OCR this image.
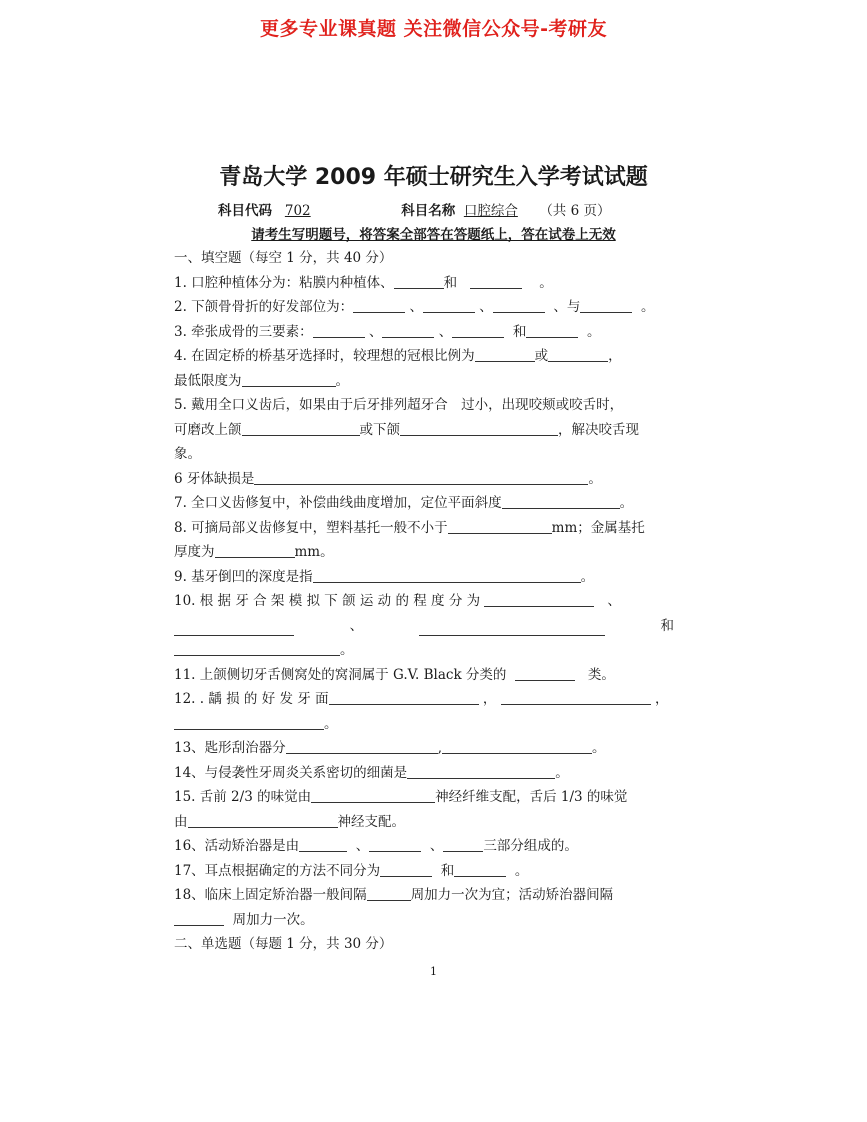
更多专业课真题 关注微信公众号-考研友
青岛大学 2009 年硕士研究生入学考试试题
科目代码 702	科目名称 口腔综合 （共 6 页）
请考生写明题号，将答案全部答在答题纸上，答在试卷上无效
一、填空题（每空 1 分，共 40 分）
1. 口腔种植体分为：粘膜内种植体、	和	。
2. 下颌骨骨折的好发部位为：	、	、	、与	。
3. 牵张成骨的三要素：	、	、	和	。
4. 在固定桥的桥基牙选择时，较理想的冠根比例为	或	，
最低限度为	。
5. 戴用全口义齿后，如果由于后牙排列超牙合　过小，出现咬颊或咬舌时，
可磨改上颌	或下颌	，解决咬舌现
象。
6 牙体缺损是	。
7. 全口义齿修复中，补偿曲线曲度增加，定位平面斜度	。
8. 可摘局部义齿修复中，塑料基托一般不小于	mm；金属基托
厚度为	mm。
9. 基牙倒凹的深度是指	。
10. 根 据 牙 合 架 模 拟 下 颌 运 动 的 程 度 分 为	、
、	和
。
11. 上颌侧切牙舌侧窝处的窝洞属于 G.V. Black 分类的	类。
12. . 龋 损 的 好 发 牙 面	，	，
。
13、匙形刮治器分	,	。
14、与侵袭性牙周炎关系密切的细菌是	。
15. 舌前 2/3 的味觉由	神经纤维支配，舌后 1/3 的味觉
由	神经支配。
16、活动矫治器是由	、	、	三部分组成的。
17、耳点根据确定的方法不同分为	和	。
18、临床上固定矫治器一般间隔	周加力一次为宜；活动矫治器间隔
周加力一次。
二、单选题（每题 1 分，共 30 分）
1
